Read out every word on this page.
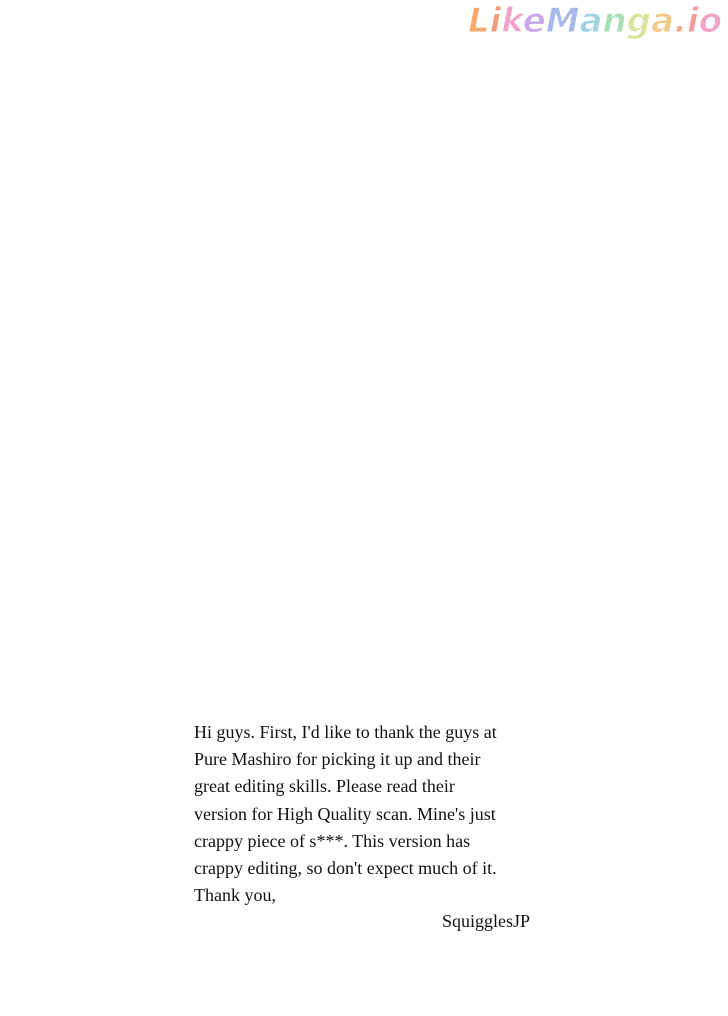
LikeManga.io
Hi guys. First, I'd like to thank the guys at
Pure Mashiro for picking it up and their
great editing skills. Please read their
version for High Quality scan. Mine's just
crappy piece of s***. This version has
crappy editing, so don't expect much of it.
Thank you,
SquigglesJP
